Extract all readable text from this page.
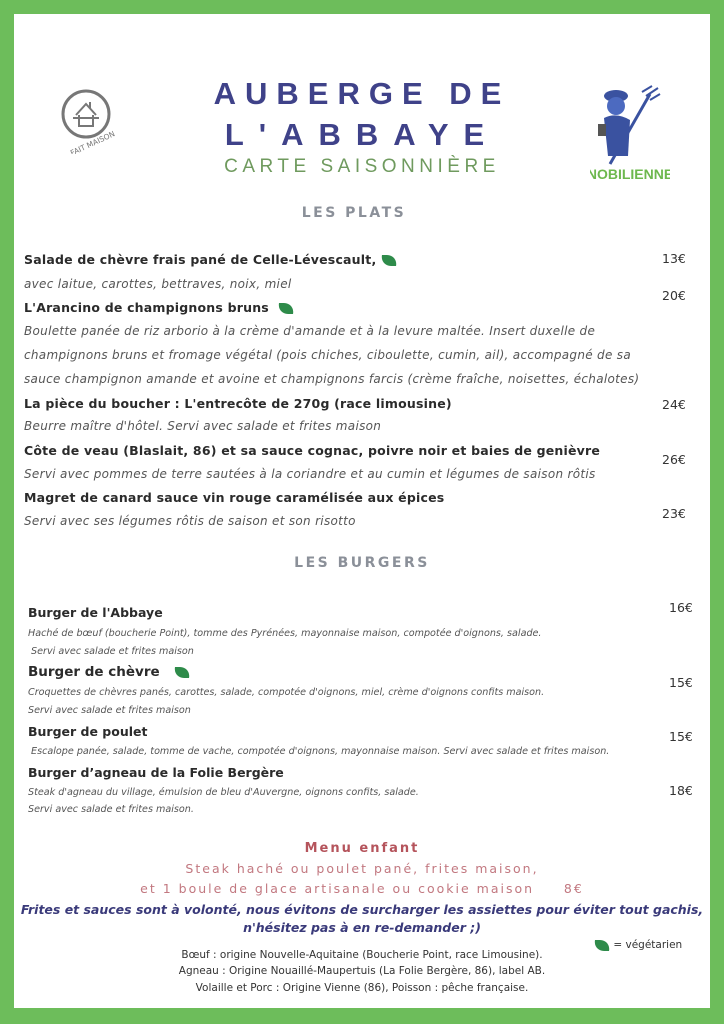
FAIT MAISON
NOBILIENNE
AUBERGE DE
L'ABBAYE
CARTE SAISONNIÈRE
LES PLATS
Salade de chèvre frais pané de Celle-Lévescault,
avec laitue, carottes, bettraves, noix, miel
L'Arancino de champignons bruns
Boulette panée de riz arborio à la crème d'amande et à la levure maltée. Insert duxelle de
champignons bruns et fromage végétal (pois chiches, ciboulette, cumin, ail), accompagné de sa
sauce champignon amande et avoine et champignons farcis (crème fraîche, noisettes, échalotes)
La pièce du boucher : L'entrecôte de 270g (race limousine)
Beurre maître d'hôtel. Servi avec salade et frites maison
Côte de veau (Blaslait, 86) et sa sauce cognac, poivre noir et baies de genièvre
Servi avec pommes de terre sautées à la coriandre et au cumin et légumes de saison rôtis
Magret de canard sauce vin rouge caramélisée aux épices
Servi avec ses légumes rôtis de saison et son risotto
13€
20€
24€
26€
23€
LES BURGERS
Burger de l'Abbaye
Haché de bœuf (boucherie Point), tomme des Pyrénées, mayonnaise maison, compotée d'oignons, salade.
Servi avec salade et frites maison
Burger de chèvre
Croquettes de chèvres panés, carottes, salade, compotée d'oignons, miel, crème d'oignons confits maison.
Servi avec salade et frites maison
Burger de poulet
Escalope panée, salade, tomme de vache, compotée d'oignons, mayonnaise maison. Servi avec salade et frites maison.
Burger d’agneau de la Folie Bergère
Steak d'agneau du village, émulsion de bleu d'Auvergne, oignons confits, salade.
Servi avec salade et frites maison.
16€
15€
15€
18€
Menu enfant
Steak haché ou poulet pané, frites maison,
et 1 boule de glace artisanale ou cookie maison 8€
Frites et sauces sont à volonté, nous évitons de surcharger les assiettes pour éviter tout gachis,
n'hésitez pas à en re-demander ;)
= végétarien
Bœuf : origine Nouvelle-Aquitaine (Boucherie Point, race Limousine).
Agneau : Origine Nouaillé-Maupertuis (La Folie Bergère, 86), label AB.
Volaille et Porc : Origine Vienne (86), Poisson : pêche française.
